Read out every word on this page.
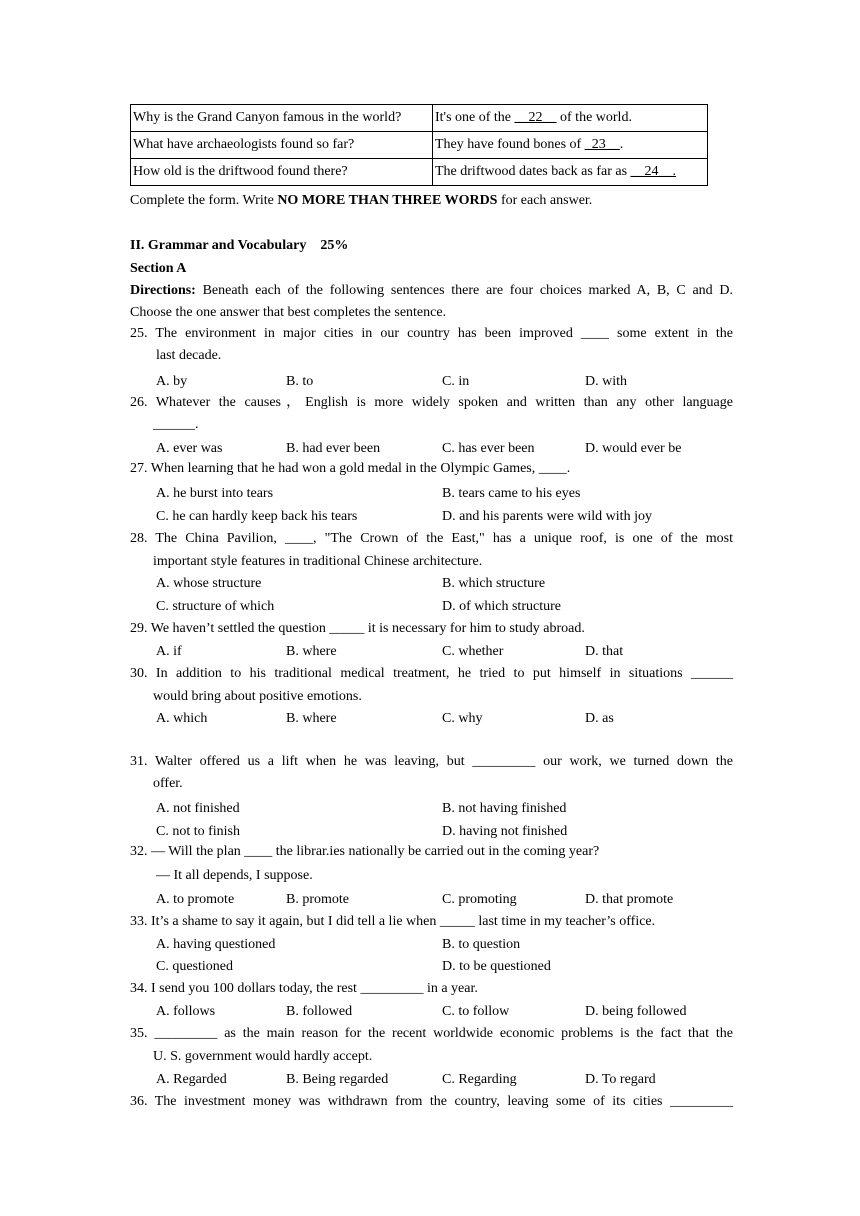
Why is the Grand Canyon famous in the world?	It's one of the __22__ of the world.
What have archaeologists found so far?	They have found bones of _23__.
How old is the driftwood found there?	The driftwood dates back as far as __24__.
Complete the form. Write NO MORE THAN THREE WORDS for each answer.
II. Grammar and Vocabulary    25%
Section A
Directions: Beneath each of the following sentences there are four choices marked A, B, C and D.
Choose the one answer that best completes the sentence.
25. The environment in major cities in our country has been improved ____ some extent in the
last decade.
A. by	B. to	C. in	D. with
26. Whatever the causes，English is more widely spoken and written than any other language
______.
A. ever was	B. had ever been	C. has ever been	D. would ever be
27. When learning that he had won a gold medal in the Olympic Games, ____.
A. he burst into tears	B. tears came to his eyes
C. he can hardly keep back his tears	D. and his parents were wild with joy
28. The China Pavilion, ____, "The Crown of the East," has a unique roof, is one of the most
important style features in traditional Chinese architecture.
A. whose structure	B. which structure
C. structure of which	D. of which structure
29. We haven’t settled the question _____ it is necessary for him to study abroad.
A. if	B. where	C. whether	D. that
30. In addition to his traditional medical treatment, he tried to put himself in situations ______
would bring about positive emotions.
A. which	B. where	C. why	D. as
31. Walter offered us a lift when he was leaving, but _________ our work, we turned down the
offer.
A. not finished	B. not having finished
C. not to finish	D. having not finished
32. — Will the plan ____ the librar.ies nationally be carried out in the coming year?
— It all depends, I suppose.
A. to promote	B. promote	C. promoting	D. that promote
33. It’s a shame to say it again, but I did tell a lie when _____ last time in my teacher’s office.
A. having questioned	B. to question
C. questioned	D. to be questioned
34. I send you 100 dollars today, the rest _________ in a year.
A. follows	B. followed	C. to follow	D. being followed
35. _________ as the main reason for the recent worldwide economic problems is the fact that the
U. S. government would hardly accept.
A. Regarded	B. Being regarded	C. Regarding	D. To regard
36. The investment money was withdrawn from the country, leaving some of its cities _________
